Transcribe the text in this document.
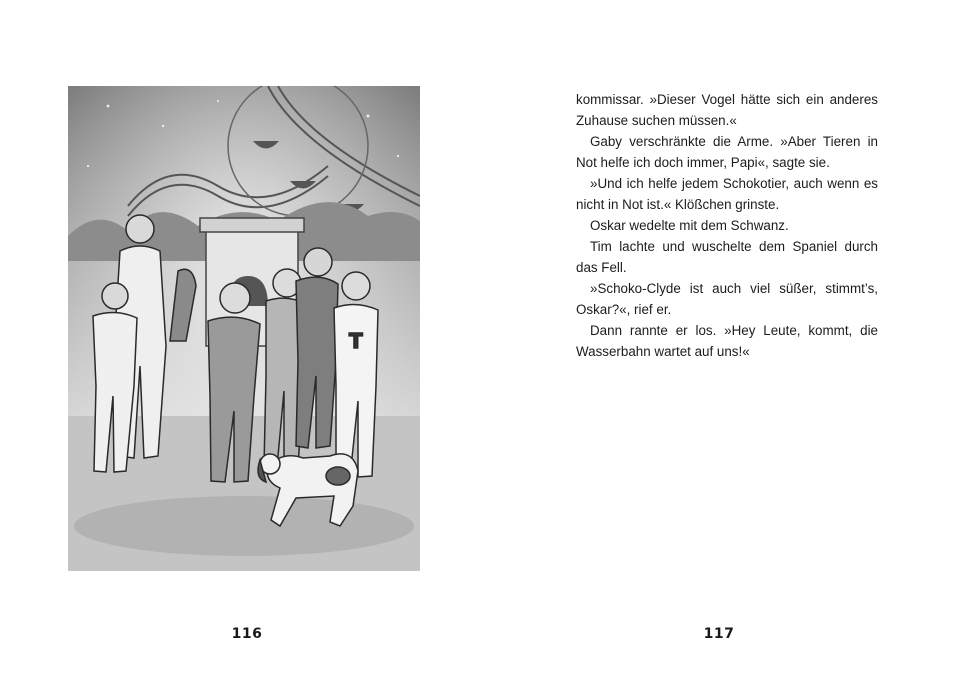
T
116

kommissar. »Dieser Vogel hätte sich ein anderes Zuhause suchen müssen.«

Gaby verschränkte die Arme. »Aber Tieren in Not helfe ich doch immer, Papi«, sagte sie.

»Und ich helfe jedem Schokotier, auch wenn es nicht in Not ist.« Klößchen grinste.

Oskar wedelte mit dem Schwanz.

Tim lachte und wuschelte dem Spaniel durch das Fell.

»Schoko-Clyde ist auch viel süßer, stimmt’s, Oskar?«, rief er.

Dann rannte er los. »Hey Leute, kommt, die Wasserbahn wartet auf uns!«

117
